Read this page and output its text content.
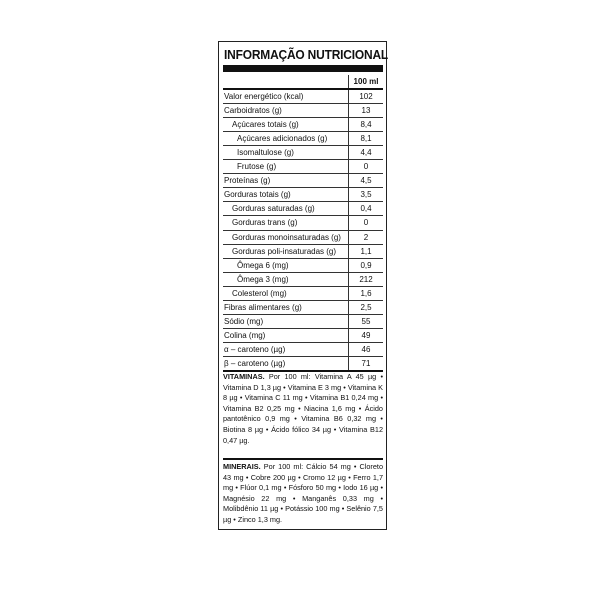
INFORMAÇÃO NUTRICIONAL
	100 ml
Valor energético (kcal)	102
Carboidratos (g)	13
Açúcares totais (g)	8,4
Açúcares adicionados (g)	8,1
Isomaltulose (g)	4,4
Frutose (g)	0
Proteínas (g)	4,5
Gorduras totais (g)	3,5
Gorduras saturadas (g)	0,4
Gorduras trans (g)	0
Gorduras monoinsaturadas (g)	2
Gorduras poli-insaturadas (g)	1,1
Ômega 6 (mg)	0,9
Ômega 3 (mg)	212
Colesterol (mg)	1,6
Fibras alimentares (g)	2,5
Sódio (mg)	55
Colina (mg)	49
α – caroteno (µg)	46
β – caroteno (µg)	71
VITAMINAS. Por 100 ml: Vitamina A 45 µg • Vitamina D 1,3 µg • Vitamina E 3 mg • Vitamina K 8 µg • Vitamina C 11 mg • Vitamina B1 0,24 mg • Vitamina B2 0,25 mg • Niacina 1,6 mg • Ácido pantotênico 0,9 mg • Vitamina B6 0,32 mg • Biotina 8 µg • Ácido fólico 34 µg • Vitamina B12 0,47 µg.
MINERAIS. Por 100 ml: Cálcio 54 mg • Cloreto 43 mg • Cobre 200 µg • Cromo 12 µg • Ferro 1,7 mg • Flúor 0,1 mg • Fósforo 50 mg • Iodo 16 µg • Magnésio 22 mg • Manganês 0,33 mg • Molibdênio 11 µg • Potássio 100 mg • Selênio 7,5 µg • Zinco 1,3 mg.
